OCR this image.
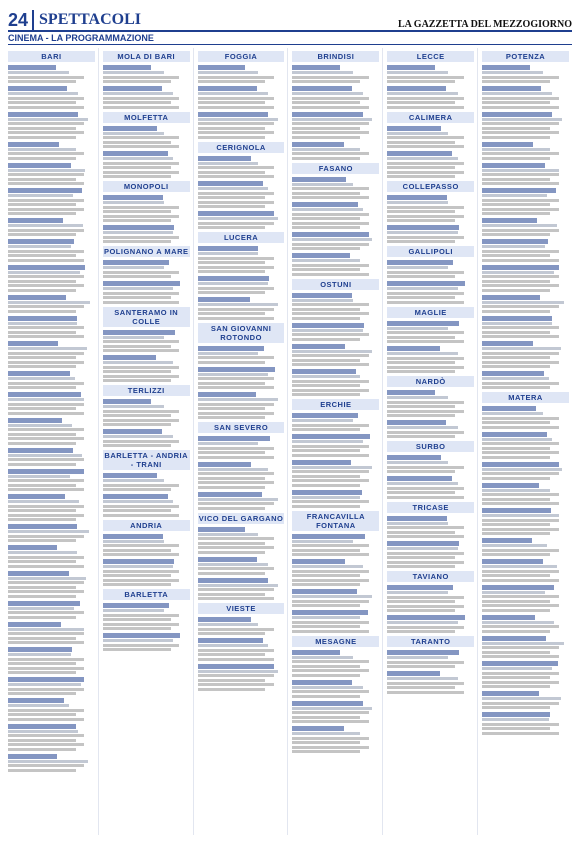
24 SPETTACOLI	LA GAZZETTA DEL MEZZOGIORNO
CINEMA - LA PROGRAMMAZIONE
BARI	MOLA DI BARI
MOLFETTA
MONOPOLI
POLIGNANO A MARE
SANTERAMO IN COLLE
TERLIZZI
BARLETTA - ANDRIA - TRANI
ANDRIA
BARLETTA
FOGGIA
CERIGNOLA
LUCERA
SAN GIOVANNI ROTONDO
SAN SEVERO
VICO DEL GARGANO
VIESTE
BRINDISI
FASANO
OSTUNI
ERCHIE
FRANCAVILLA FONTANA
MESAGNE
LECCE
CALIMERA
COLLEPASSO
GALLIPOLI
MAGLIE
NARDÒ
SURBO
TRICASE
TAVIANO
TARANTO
POTENZA
MATERA
